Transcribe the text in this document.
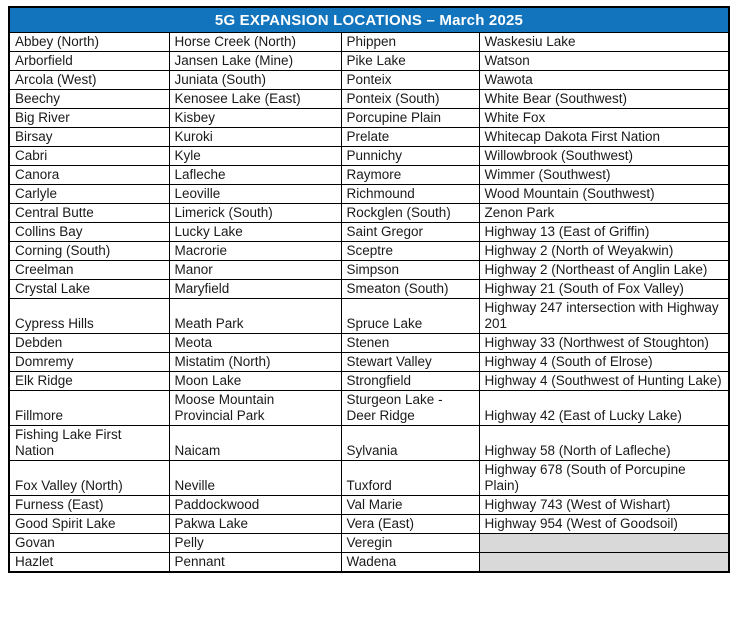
5G EXPANSION LOCATIONS – March 2025			
Abbey (North)	Horse Creek (North)	Phippen	Waskesiu Lake
Arborfield	Jansen Lake (Mine)	Pike Lake	Watson
Arcola (West)	Juniata (South)	Ponteix	Wawota
Beechy	Kenosee Lake (East)	Ponteix (South)	White Bear (Southwest)
Big River	Kisbey	Porcupine Plain	White Fox
Birsay	Kuroki	Prelate	Whitecap Dakota First Nation
Cabri	Kyle	Punnichy	Willowbrook (Southwest)
Canora	Lafleche	Raymore	Wimmer (Southwest)
Carlyle	Leoville	Richmound	Wood Mountain (Southwest)
Central Butte	Limerick (South)	Rockglen (South)	Zenon Park
Collins Bay	Lucky Lake	Saint Gregor	Highway 13 (East of Griffin)
Corning (South)	Macrorie	Sceptre	Highway 2 (North of Weyakwin)
Creelman	Manor	Simpson	Highway 2 (Northeast of Anglin Lake)
Crystal Lake	Maryfield	Smeaton (South)	Highway 21 (South of Fox Valley)
Cypress Hills	Meath Park	Spruce Lake	Highway 247 intersection with Highway 201
Debden	Meota	Stenen	Highway 33 (Northwest of Stoughton)
Domremy	Mistatim (North)	Stewart Valley	Highway 4 (South of Elrose)
Elk Ridge	Moon Lake	Strongfield	Highway 4 (Southwest of Hunting Lake)
Fillmore	Moose Mountain Provincial Park	Sturgeon Lake - Deer Ridge	Highway 42 (East of Lucky Lake)
Fishing Lake First Nation	Naicam	Sylvania	Highway 58 (North of Lafleche)
Fox Valley (North)	Neville	Tuxford	Highway 678 (South of Porcupine Plain)
Furness (East)	Paddockwood	Val Marie	Highway 743 (West of Wishart)
Good Spirit Lake	Pakwa Lake	Vera (East)	Highway 954 (West of Goodsoil)
Govan	Pelly	Veregin	
Hazlet	Pennant	Wadena	
